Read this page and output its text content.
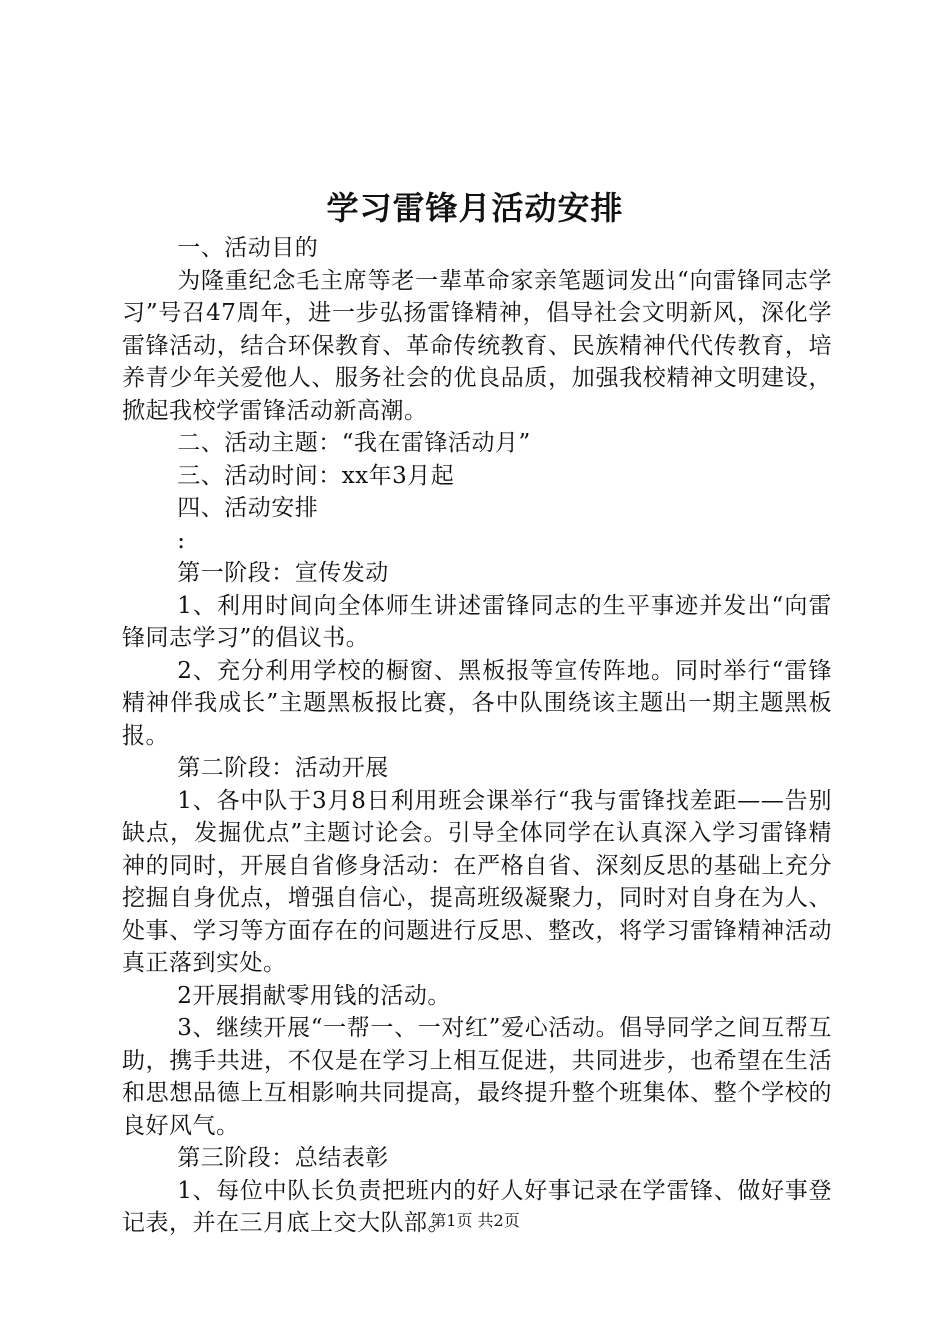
学习雷锋月活动安排

一、活动目的

为隆重纪念毛主席等老一辈革命家亲笔题词发出“向雷锋同志学习”号召47周年，进一步弘扬雷锋精神，倡导社会文明新风，深化学雷锋活动，结合环保教育、革命传统教育、民族精神代代传教育，培养青少年关爱他人、服务社会的优良品质，加强我校精神文明建设，掀起我校学雷锋活动新高潮。

二、活动主题：“我在雷锋活动月”

三、活动时间：xx年3月起

四、活动安排

:

第一阶段：宣传发动

1、利用时间向全体师生讲述雷锋同志的生平事迹并发出“向雷锋同志学习”的倡议书。

2、充分利用学校的橱窗、黑板报等宣传阵地。同时举行“雷锋精神伴我成长”主题黑板报比赛，各中队围绕该主题出一期主题黑板报。

第二阶段：活动开展

1、各中队于3月8日利用班会课举行“我与雷锋找差距——告别缺点，发掘优点”主题讨论会。引导全体同学在认真深入学习雷锋精神的同时，开展自省修身活动：在严格自省、深刻反思的基础上充分挖掘自身优点，增强自信心，提高班级凝聚力，同时对自身在为人、处事、学习等方面存在的问题进行反思、整改，将学习雷锋精神活动真正落到实处。

2开展捐献零用钱的活动。

3、继续开展“一帮一、一对红”爱心活动。倡导同学之间互帮互助，携手共进，不仅是在学习上相互促进，共同进步，也希望在生活和思想品德上互相影响共同提高，最终提升整个班集体、整个学校的良好风气。

第三阶段：总结表彰

1、每位中队长负责把班内的好人好事记录在学雷锋、做好事登记表，并在三月底上交大队部。

第1页 共2页
